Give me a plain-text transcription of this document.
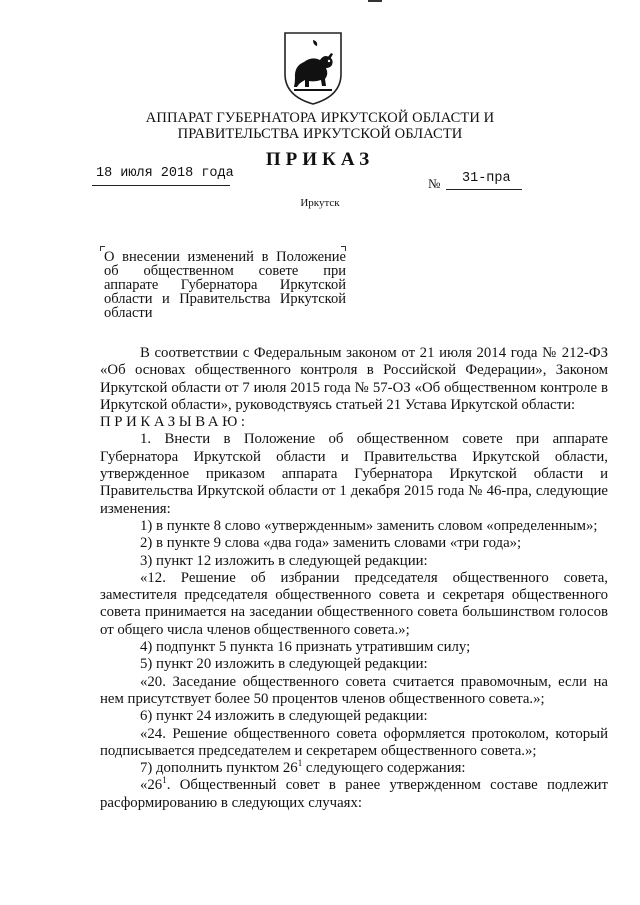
АППАРАТ ГУБЕРНАТОРА ИРКУТСКОЙ ОБЛАСТИ И
ПРАВИТЕЛЬСТВА ИРКУТСКОЙ ОБЛАСТИ
ПРИКАЗ
18 июля 2018 года
№ 31-пра
Иркутск
О внесении изменений в Положение
об общественном совете при
аппарате Губернатора Иркутской
области и Правительства Иркутской
области

В соответствии с Федеральным законом от 21 июля 2014 года № 212-ФЗ «Об основах общественного контроля в Российской Федерации», Законом Иркутской области от 7 июля 2015 года № 57-ОЗ «Об общественном контроле в Иркутской области», руководствуясь статьей 21 Устава Иркутской области:

ПРИКАЗЫВАЮ:

1. Внести в Положение об общественном совете при аппарате Губернатора Иркутской области и Правительства Иркутской области, утвержденное приказом аппарата Губернатора Иркутской области и Правительства Иркутской области от 1 декабря 2015 года № 46-пра, следующие изменения:

1) в пункте 8 слово «утвержденным» заменить словом «определенным»;

2) в пункте 9 слова «два года» заменить словами «три года»;

3) пункт 12 изложить в следующей редакции:

«12. Решение об избрании председателя общественного совета, заместителя председателя общественного совета и секретаря общественного совета принимается на заседании общественного совета большинством голосов от общего числа членов общественного совета.»;

4) подпункт 5 пункта 16 признать утратившим силу;

5) пункт 20 изложить в следующей редакции:

«20. Заседание общественного совета считается правомочным, если на нем присутствует более 50 процентов членов общественного совета.»;

6) пункт 24 изложить в следующей редакции:

«24. Решение общественного совета оформляется протоколом, который подписывается председателем и секретарем общественного совета.»;

7) дополнить пунктом $26^1$ следующего содержания:

«$26^1$. Общественный совет в ранее утвержденном составе подлежит расформированию в следующих случаях:
